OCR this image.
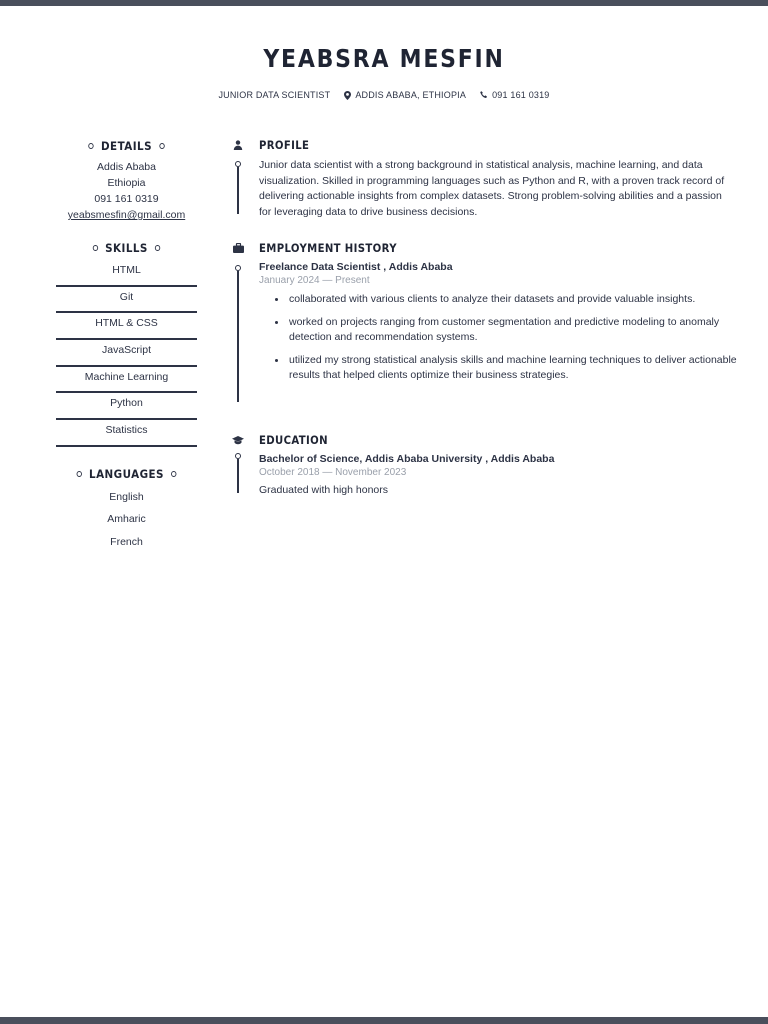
YEABSRA MESFIN
JUNIOR DATA SCIENTIST	ADDIS ABABA, ETHIOPIA	091 161 0319
DETAILS
Addis Ababa
Ethiopia
091 161 0319
yeabsmesfin@gmail.com
SKILLS
HTML
Git
HTML & CSS
JavaScript
Machine Learning
Python
Statistics
LANGUAGES
English
Amharic
French
PROFILE
Junior data scientist with a strong background in statistical analysis, machine learning, and data visualization. Skilled in programming languages such as Python and R, with a proven track record of delivering actionable insights from complex datasets. Strong problem-solving abilities and a passion for leveraging data to drive business decisions.
EMPLOYMENT HISTORY
Freelance Data Scientist , Addis Ababa
January 2024 — Present
collaborated with various clients to analyze their datasets and provide valuable insights.
worked on projects ranging from customer segmentation and predictive modeling to anomaly detection and recommendation systems.
utilized my strong statistical analysis skills and machine learning techniques to deliver actionable results that helped clients optimize their business strategies.
EDUCATION
Bachelor of Science, Addis Ababa University , Addis Ababa
October 2018 — November 2023
Graduated with high honors
